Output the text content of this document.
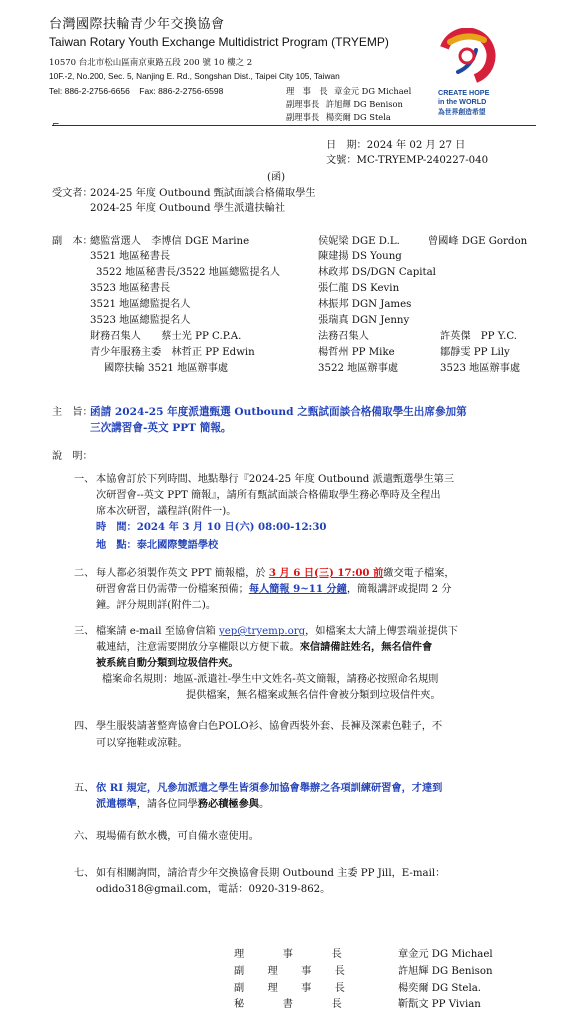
台灣國際扶輪青少年交換協會
Taiwan Rotary Youth Exchange Multidistrict Program (TRYEMP)
10570 台北市松山區南京東路五段 200 號 10 樓之 2
10F.-2, No.200, Sec. 5, Nanjing E. Rd., Songshan Dist., Taipei City 105, Taiwan
Tel: 886-2-2756-6656    Fax: 886-2-2756-6598	理　事　長 章金元 DG Michael
副理事長 許旭輝 DG Benison
副理事長 楊奕爾 DG Stela
CREATE HOPE
in the WORLD
為世界創造希望
⌐
日　期：2024 年 02 月 27 日
文號：MC-TRYEMP-240227-040
(函)
受文者：
2024-25 年度 Outbound 甄試面談合格備取學生
2024-25 年度 Outbound 學生派遣扶輪社
副　本：
總監當選人　李博信 DGE Marine	侯妮梁 DGE D.L.	曾國峰 DGE Gordon
3521 地區秘書長	陳建揚 DS Young
3522 地區秘書長/3522 地區總監提名人	林政邦 DS/DGN Capital
3523 地區秘書長	張仁龍 DS Kevin
3521 地區總監提名人	林振邦 DGN James
3523 地區總監提名人	張瑞真 DGN Jenny
財務召集人　　蔡士光 PP C.P.A.	法務召集人	許英傑　PP Y.C.
青少年服務主委　林哲正 PP Edwin	楊哲州 PP Mike	鄒靜雯 PP Lily
國際扶輪 3521 地區辦事處	3522 地區辦事處	3523 地區辦事處
主　旨：
函請 2024-25 年度派遣甄選 Outbound 之甄試面談合格備取學生出席參加第
三次講習會-英文 PPT 簡報。
說　明：
一、 本協會訂於下列時間、地點舉行『2024-25 年度 Outbound 派遣甄選學生第三
次研習會--英文 PPT 簡報』，請所有甄試面談合格備取學生務必準時及全程出
席本次研習，議程詳(附件一)。
時　間：2024 年 3 月 10 日(六) 08:00-12:30
地　點：泰北國際雙語學校
二、 每人都必須製作英文 PPT 簡報檔，於 3 月 6 日(三) 17:00 前繳交電子檔案，
研習會當日仍需帶一份檔案預備；每人簡報 9~11 分鐘，簡報講評或提問 2 分
鐘。評分規則詳(附件二)。
三、 檔案請 e-mail 至協會信箱 yep@tryemp.org，如檔案太大請上傳雲端並提供下
載連結，注意需要開放分享權限以方便下載。來信請備註姓名，無名信件會
被系統自動分類到垃圾信件夾。
檔案命名規則：地區-派遣社-學生中文姓名-英文簡報，請務必按照命名規則
提供檔案，無名檔案或無名信件會被分類到垃圾信件夾。
四、 學生服裝請著整齊協會白色POLO衫、協會西裝外套、長褲及深素色鞋子，不
可以穿拖鞋或涼鞋。
五、 依 RI 規定，凡參加派遣之學生皆須參加協會舉辦之各項訓練研習會，才達到
派遣標準，請各位同學務必積極參與。
六、 現場備有飲水機，可自備水壺使用。
七、 如有相關詢問，請洽青少年交換協會長期 Outbound 主委 PP Jill，E-mail：
odido318@gmail.com，電話：0920-319-862。
理　　　事　　　長	章金元 DG Michael
副　　理　　事　　長	許旭輝 DG Benison
副　　理　　事　　長	楊奕爾 DG Stela.
秘　　　書　　　長	靳翫文 PP Vivian
